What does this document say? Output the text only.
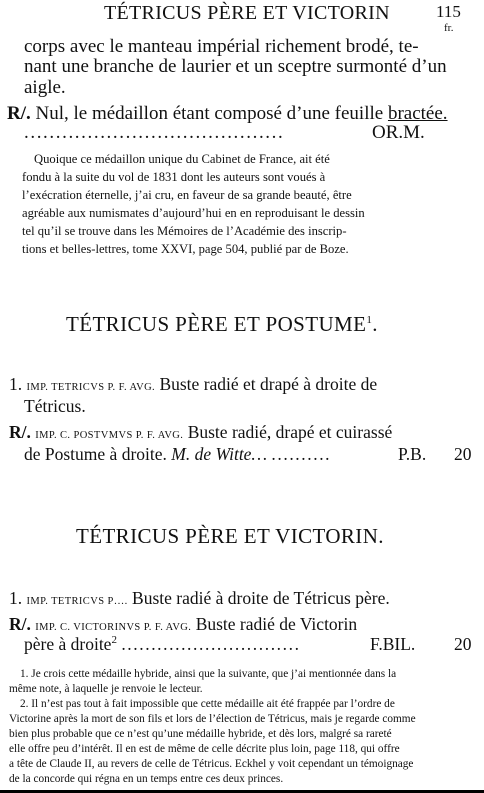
TÉTRICUS PÈRE ET VICTORIN	115
fr.
corps avec le manteau impérial richement brodé, te-
nant une branche de laurier et un sceptre surmonté d’un
aigle.
R/. Nul, le médaillon étant composé d’une feuille bractée.
.........................................	OR.M.
Quoique ce médaillon unique du Cabinet de France, ait été
fondu à la suite du vol de 1831 dont les auteurs sont voués à
l’exécration éternelle, j’ai cru, en faveur de sa grande beauté, être
agréable aux numismates d’aujourd’hui en en reproduisant le dessin
tel qu’il se trouve dans les Mémoires de l’Académie des inscrip-
tions et belles-lettres, tome XXVI, page 504, publié par de Boze.
TÉTRICUS PÈRE ET POSTUME$^1$.
1. IMP. TETRICVS P. F. AVG. Buste radié et drapé à droite de
Tétricus.
R/. IMP. C. POSTVMVS P. F. AVG. Buste radié, drapé et cuirassé
de Postume à droite. M. de Witte… ..........	P.B. 20
TÉTRICUS PÈRE ET VICTORIN.
1. IMP. TETRICVS P…. Buste radié à droite de Tétricus père.
R/. IMP. C. VICTORINVS P. F. AVG. Buste radié de Victorin
père à droite$^2$ ..............................	F.BIL. 20
1. Je crois cette médaille hybride, ainsi que la suivante, que j’ai mentionnée dans la
même note, à laquelle je renvoie le lecteur.
2. Il n’est pas tout à fait impossible que cette médaille ait été frappée par l’ordre de
Victorine après la mort de son fils et lors de l’élection de Tétricus, mais je regarde comme
bien plus probable que ce n’est qu’une médaille hybride, et dès lors, malgré sa rareté
elle offre peu d’intérêt. Il en est de même de celle décrite plus loin, page 118, qui offre
a tête de Claude II, au revers de celle de Tétricus. Eckhel y voit cependant un témoignage
de la concorde qui régna en un temps entre ces deux princes.
